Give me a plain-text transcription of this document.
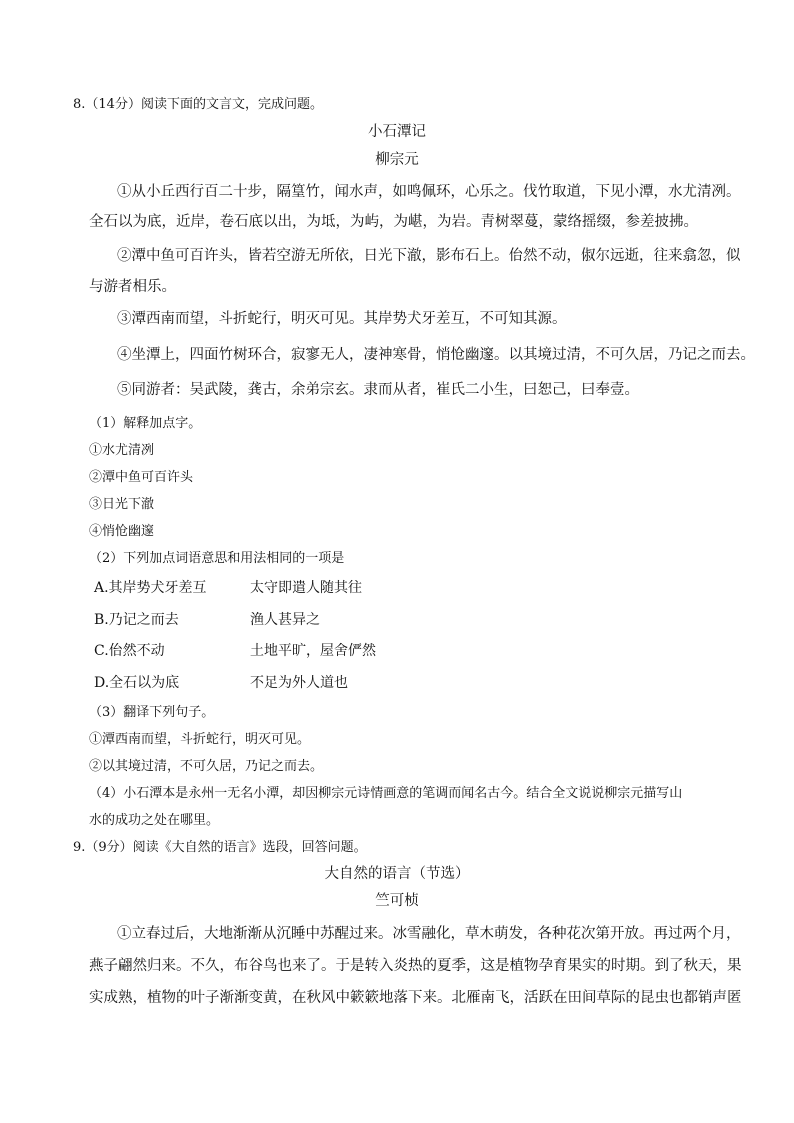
8.（14分）阅读下面的文言文，完成问题。
小石潭记
柳宗元
①从小丘西行百二十步，隔篁竹，闻水声，如鸣佩环，心乐之。伐竹取道，下见小潭，水尤清冽。
全石以为底，近岸，卷石底以出，为坻，为屿，为嵁，为岩。青树翠蔓，蒙络摇缀，参差披拂。
②潭中鱼可百许头，皆若空游无所依，日光下澈，影布石上。佁然不动，俶尔远逝，往来翕忽，似
与游者相乐。
③潭西南而望，斗折蛇行，明灭可见。其岸势犬牙差互，不可知其源。
④坐潭上，四面竹树环合，寂寥无人，凄神寒骨，悄怆幽邃。以其境过清，不可久居，乃记之而去。
⑤同游者：吴武陵，龚古，余弟宗玄。隶而从者，崔氏二小生，曰恕己，曰奉壹。
（1）解释加点字。
①水尤清冽
②潭中鱼可百许头
③日光下澈
④悄怆幽邃
（2）下列加点词语意思和用法相同的一项是
A.其岸势犬牙差互	太守即遣人随其往
B.乃记之而去	渔人甚异之
C.佁然不动	土地平旷，屋舍俨然
D.全石以为底	不足为外人道也
（3）翻译下列句子。
①潭西南而望，斗折蛇行，明灭可见。
②以其境过清，不可久居，乃记之而去。
（4）小石潭本是永州一无名小潭，却因柳宗元诗情画意的笔调而闻名古今。结合全文说说柳宗元描写山
水的成功之处在哪里。
9.（9分）阅读《大自然的语言》选段，回答问题。
大自然的语言（节选）
竺可桢
①立春过后，大地渐渐从沉睡中苏醒过来。冰雪融化，草木萌发，各种花次第开放。再过两个月，
燕子翩然归来。不久，布谷鸟也来了。于是转入炎热的夏季，这是植物孕育果实的时期。到了秋天，果
实成熟，植物的叶子渐渐变黄，在秋风中簌簌地落下来。北雁南飞，活跃在田间草际的昆虫也都销声匿
